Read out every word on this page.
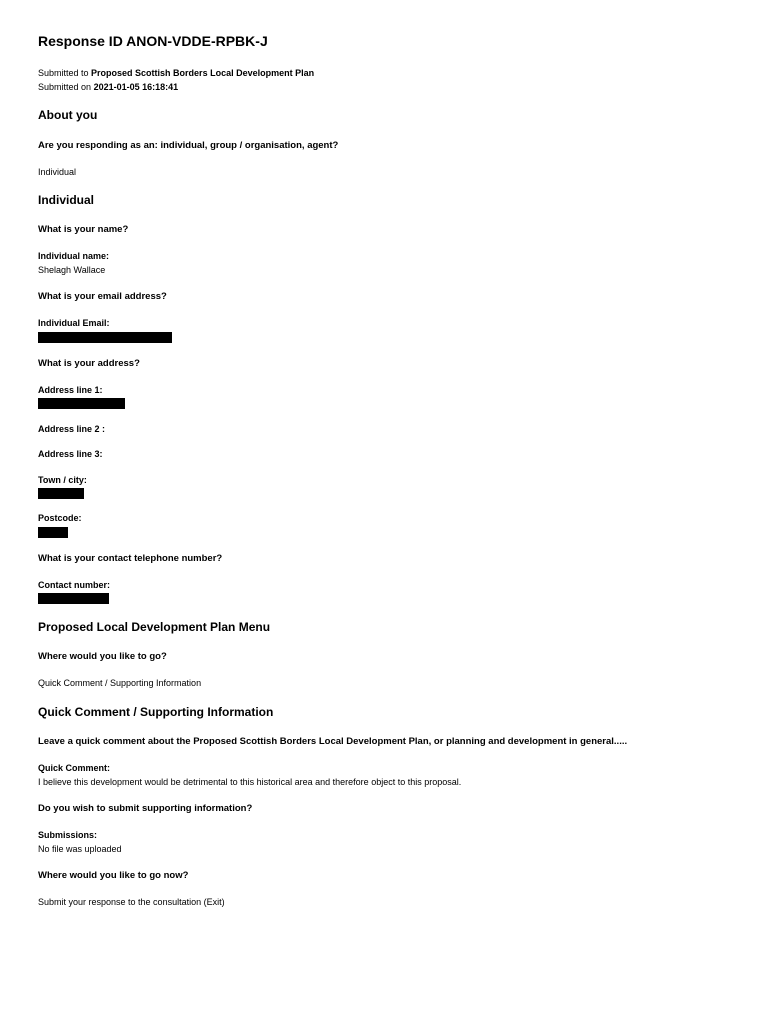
Response ID ANON-VDDE-RPBK-J
Submitted to Proposed Scottish Borders Local Development Plan
Submitted on 2021-01-05 16:18:41
About you
Are you responding as an: individual, group / organisation, agent?
Individual
Individual
What is your name?
Individual name:
Shelagh Wallace
What is your email address?
Individual Email:
What is your address?
Address line 1:
Address line 2 :
Address line 3:
Town / city:
Postcode:
What is your contact telephone number?
Contact number:
Proposed Local Development Plan Menu
Where would you like to go?
Quick Comment / Supporting Information
Quick Comment / Supporting Information
Leave a quick comment about the Proposed Scottish Borders Local Development Plan, or planning and development in general.....
Quick Comment:
I believe this development would be detrimental to this historical area and therefore object to this proposal.
Do you wish to submit supporting information?
Submissions:
No file was uploaded
Where would you like to go now?
Submit your response to the consultation (Exit)
